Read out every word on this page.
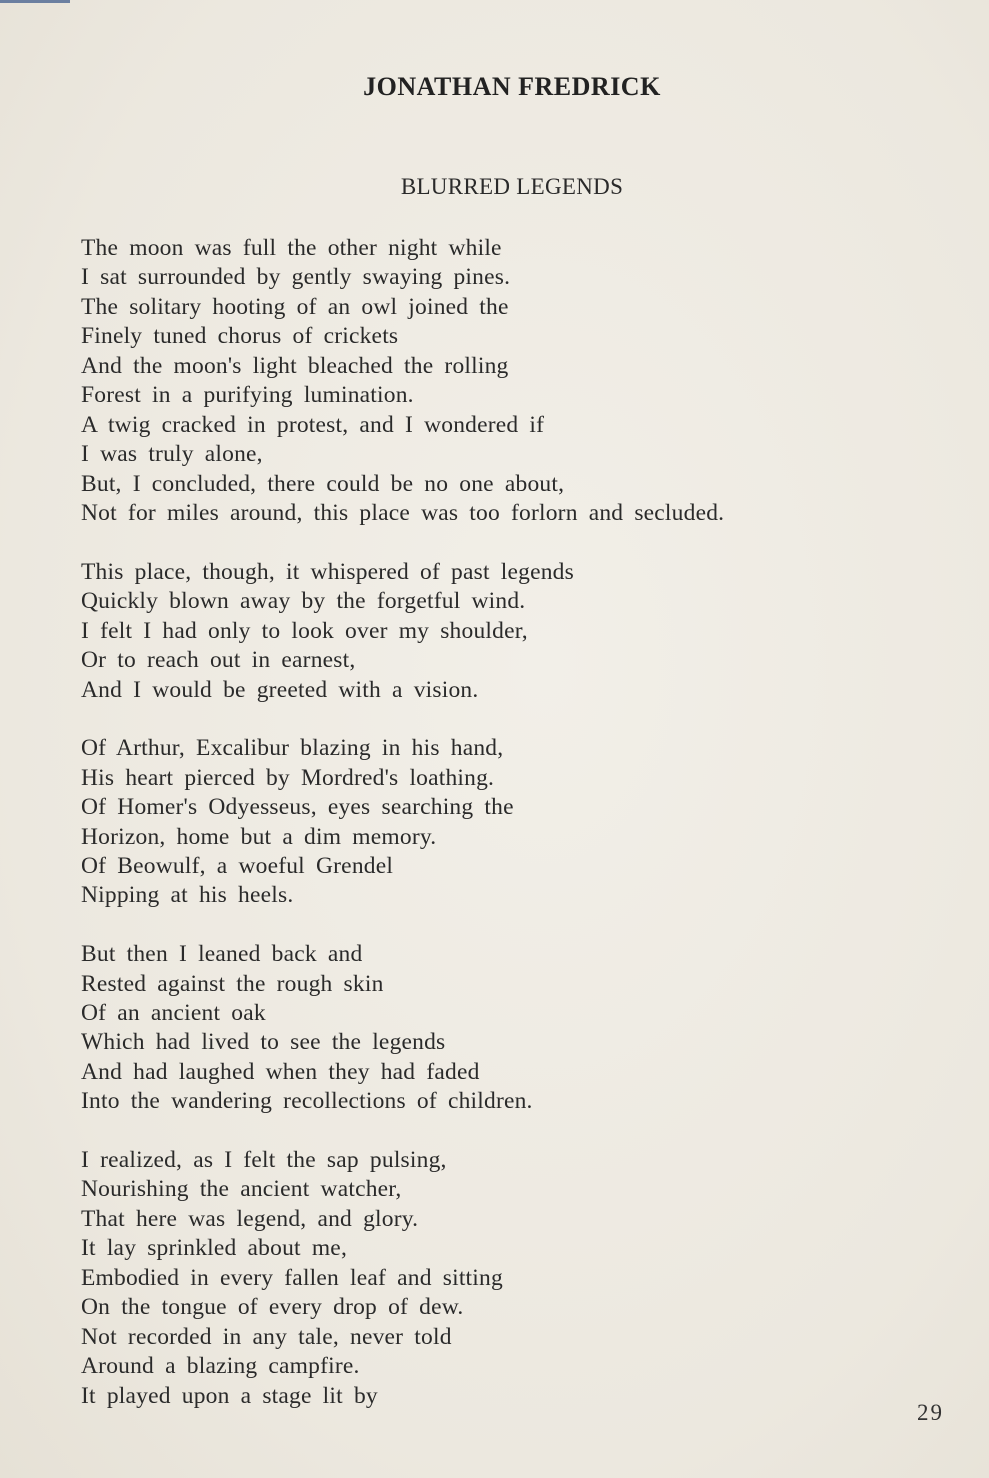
JONATHAN FREDRICK
BLURRED LEGENDS
The moon was full the other night while
I sat surrounded by gently swaying pines.
The solitary hooting of an owl joined the
Finely tuned chorus of crickets
And the moon's light bleached the rolling
Forest in a purifying lumination.
A twig cracked in protest, and I wondered if
I was truly alone,
But, I concluded, there could be no one about,
Not for miles around, this place was too forlorn and secluded.
This place, though, it whispered of past legends
Quickly blown away by the forgetful wind.
I felt I had only to look over my shoulder,
Or to reach out in earnest,
And I would be greeted with a vision.
Of Arthur, Excalibur blazing in his hand,
His heart pierced by Mordred's loathing.
Of Homer's Odyesseus, eyes searching the
Horizon, home but a dim memory.
Of Beowulf, a woeful Grendel
Nipping at his heels.
But then I leaned back and
Rested against the rough skin
Of an ancient oak
Which had lived to see the legends
And had laughed when they had faded
Into the wandering recollections of children.
I realized, as I felt the sap pulsing,
Nourishing the ancient watcher,
That here was legend, and glory.
It lay sprinkled about me,
Embodied in every fallen leaf and sitting
On the tongue of every drop of dew.
Not recorded in any tale, never told
Around a blazing campfire.
It played upon a stage lit by
29
